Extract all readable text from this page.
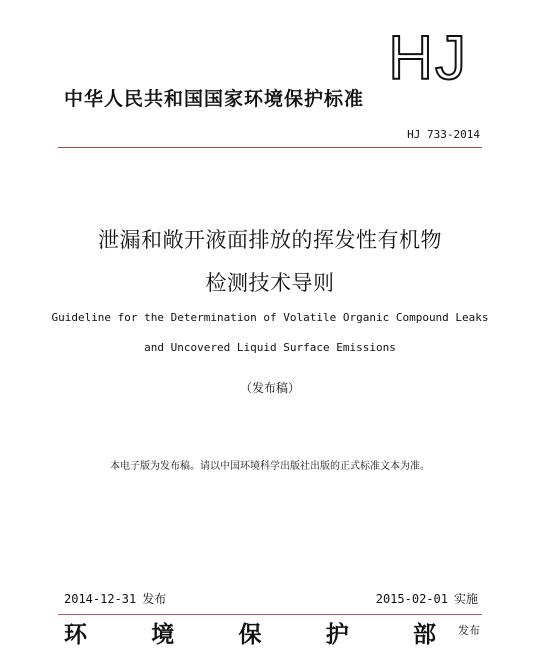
HJ
中华人民共和国国家环境保护标准
HJ 733-2014
泄漏和敞开液面排放的挥发性有机物
检测技术导则
Guideline for the Determination of Volatile Organic Compound Leaks
and Uncovered Liquid Surface Emissions
（发布稿）
本电子版为发布稿。请以中国环境科学出版社出版的正式标准文本为准。
2014-12-31 发布	2015-02-01 实施
环	境	保	护	部 发布
